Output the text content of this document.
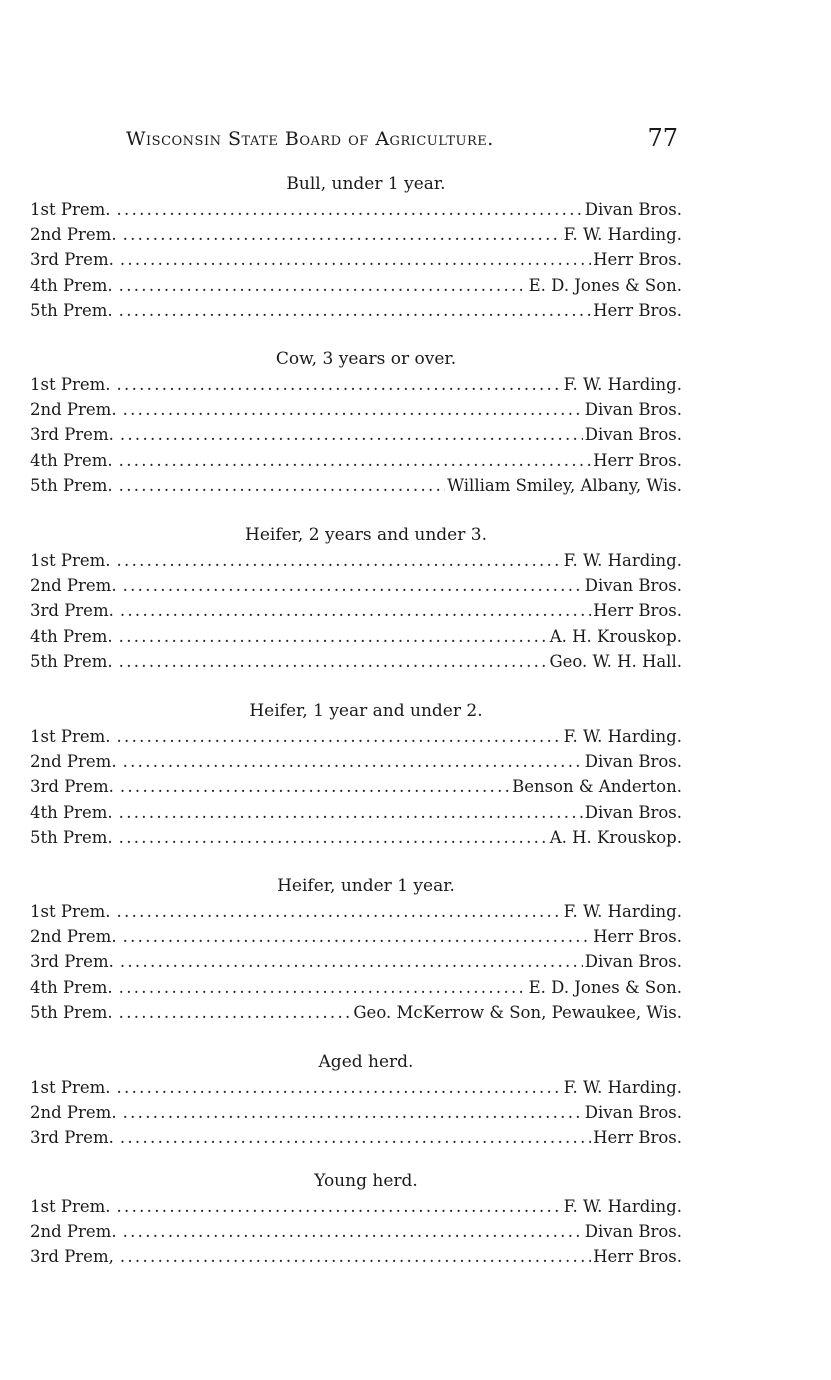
Wisconsin State Board of Agriculture.	77
Bull, under 1 year.
1st Prem. .....	Divan Bros.
2nd Prem. .....	F. W. Harding.
3rd Prem. .....	Herr Bros.
4th Prem. .....	E. D. Jones & Son.
5th Prem. .....	Herr Bros.
Cow, 3 years or over.
1st Prem. .....	F. W. Harding.
2nd Prem. .....	Divan Bros.
3rd Prem. .....	Divan Bros.
4th Prem. .....	Herr Bros.
5th Prem. .....	William Smiley, Albany, Wis.
Heifer, 2 years and under 3.
1st Prem. .....	F. W. Harding.
2nd Prem. .....	Divan Bros.
3rd Prem. .....	Herr Bros.
4th Prem. .....	A. H. Krouskop.
5th Prem. .....	Geo. W. H. Hall.
Heifer, 1 year and under 2.
1st Prem. .....	F. W. Harding.
2nd Prem. .....	Divan Bros.
3rd Prem. .....	Benson & Anderton.
4th Prem. .....	Divan Bros.
5th Prem. .....	A. H. Krouskop.
Heifer, under 1 year.
1st Prem. .....	F. W. Harding.
2nd Prem. .....	Herr Bros.
3rd Prem. .....	Divan Bros.
4th Prem. .....	E. D. Jones & Son.
5th Prem. .....	Geo. McKerrow & Son, Pewaukee, Wis.
Aged herd.
1st Prem. .....	F. W. Harding.
2nd Prem. .....	Divan Bros.
3rd Prem. .....	Herr Bros.
Young herd.
1st Prem. .....	F. W. Harding.
2nd Prem. .....	Divan Bros.
3rd Prem, .....	Herr Bros.
